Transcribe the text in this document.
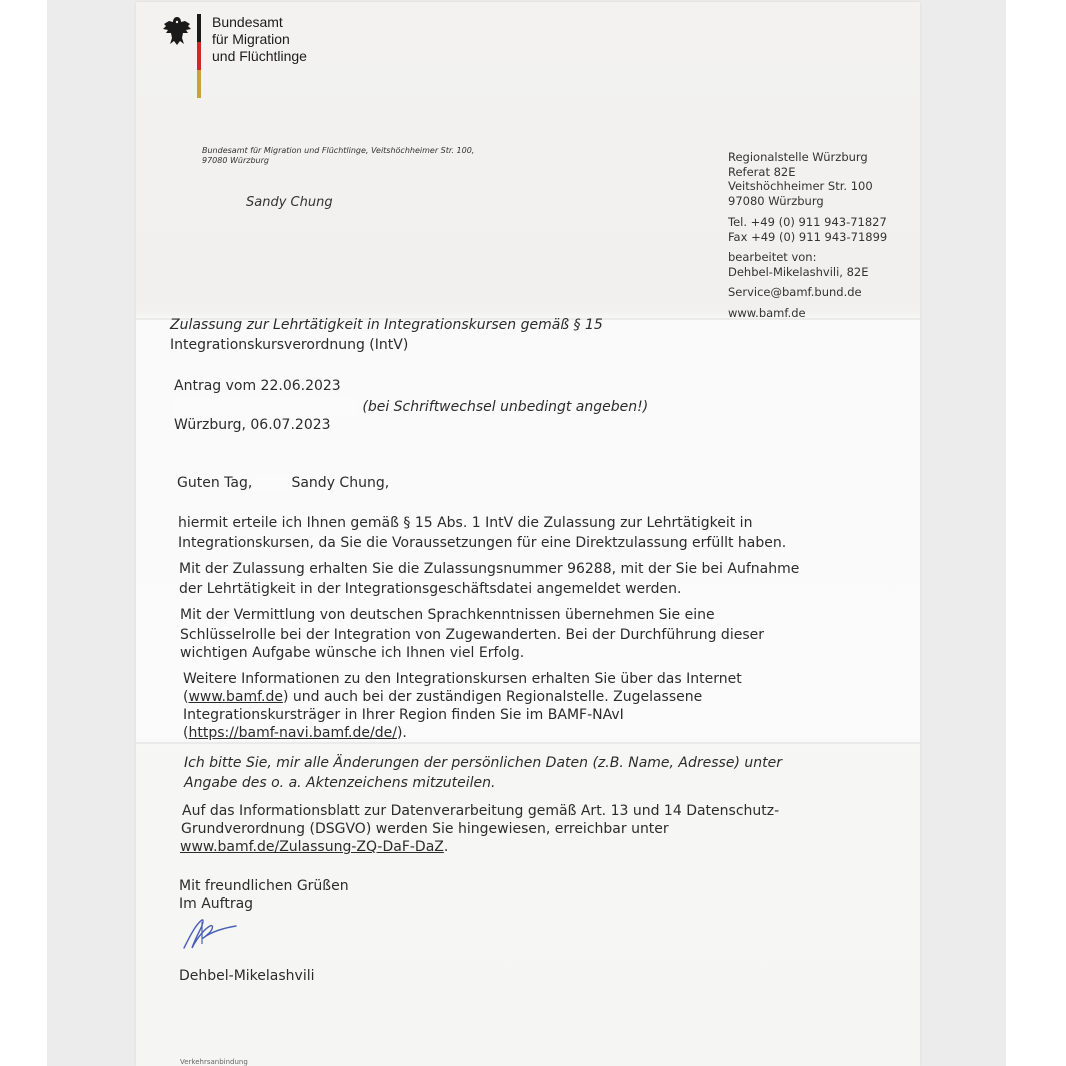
Bundesamt
für Migration
und Flüchtlinge
Bundesamt für Migration und Flüchtlinge, Veitshöchheimer Str. 100,
97080 Würzburg
Sandy Chung
Regionalstelle Würzburg
Referat 82E
Veitshöchheimer Str. 100
97080 Würzburg
Tel. +49 (0) 911 943-71827
Fax +49 (0) 911 943-71899
bearbeitet von:
Dehbel-Mikelashvili, 82E
Service@bamf.bund.de
www.bamf.de
Zulassung zur Lehrtätigkeit in Integrationskursen gemäß § 15
Integrationskursverordnung (IntV)
Antrag vom 22.06.2023
(bei Schriftwechsel unbedingt angeben!)
Würzburg, 06.07.2023
Guten Tag,	Sandy Chung,
hiermit erteile ich Ihnen gemäß § 15 Abs. 1 IntV die Zulassung zur Lehrtätigkeit in
Integrationskursen, da Sie die Voraussetzungen für eine Direktzulassung erfüllt haben.
Mit der Zulassung erhalten Sie die Zulassungsnummer 96288, mit der Sie bei Aufnahme
der Lehrtätigkeit in der Integrationsgeschäftsdatei angemeldet werden.
Mit der Vermittlung von deutschen Sprachkenntnissen übernehmen Sie eine
Schlüsselrolle bei der Integration von Zugewanderten. Bei der Durchführung dieser
wichtigen Aufgabe wünsche ich Ihnen viel Erfolg.
Weitere Informationen zu den Integrationskursen erhalten Sie über das Internet
(www.bamf.de) und auch bei der zuständigen Regionalstelle. Zugelassene
Integrationskursträger in Ihrer Region finden Sie im BAMF-NAvI
(https://bamf-navi.bamf.de/de/).
Ich bitte Sie, mir alle Änderungen der persönlichen Daten (z.B. Name, Adresse) unter
Angabe des o. a. Aktenzeichens mitzuteilen.
Auf das Informationsblatt zur Datenverarbeitung gemäß Art. 13 und 14 Datenschutz-
Grundverordnung (DSGVO) werden Sie hingewiesen, erreichbar unter
www.bamf.de/Zulassung-ZQ-DaF-DaZ.
Mit freundlichen Grüßen
Im Auftrag
Dehbel-Mikelashvili
Verkehrsanbindung
